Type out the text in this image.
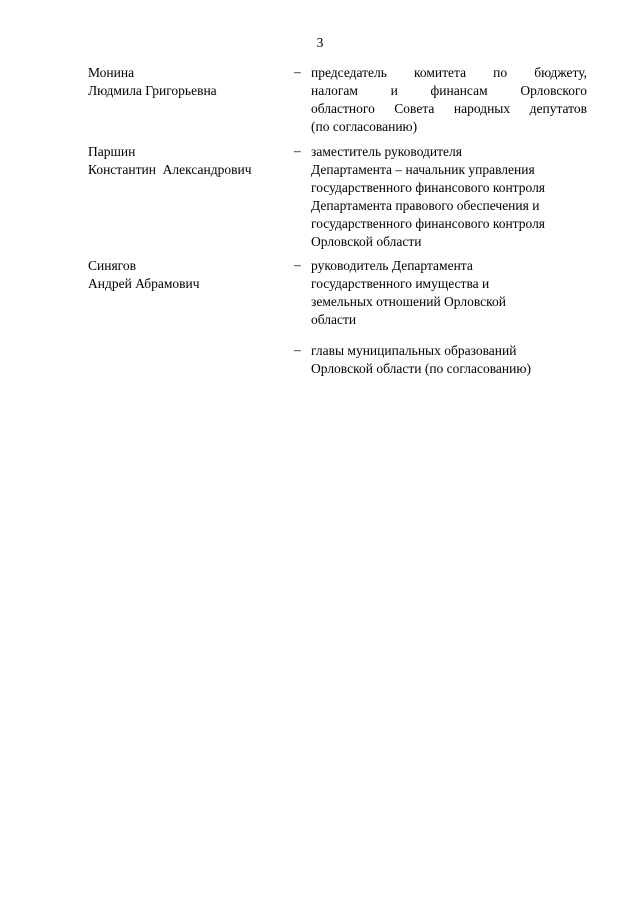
3
Монина
Людмила Григорьевна
– председатель комитета по бюджету,
налогам и финансам Орловского
областного Совета народных депутатов
(по согласованию)
Паршин
Константин  Александрович
– заместитель руководителя
Департамента – начальник управления
государственного финансового контроля
Департамента правового обеспечения и
государственного финансового контроля
Орловской области
Синягов
Андрей Абрамович
– руководитель Департамента
государственного имущества и
земельных отношений Орловской
области
– главы муниципальных образований
Орловской области (по согласованию)
